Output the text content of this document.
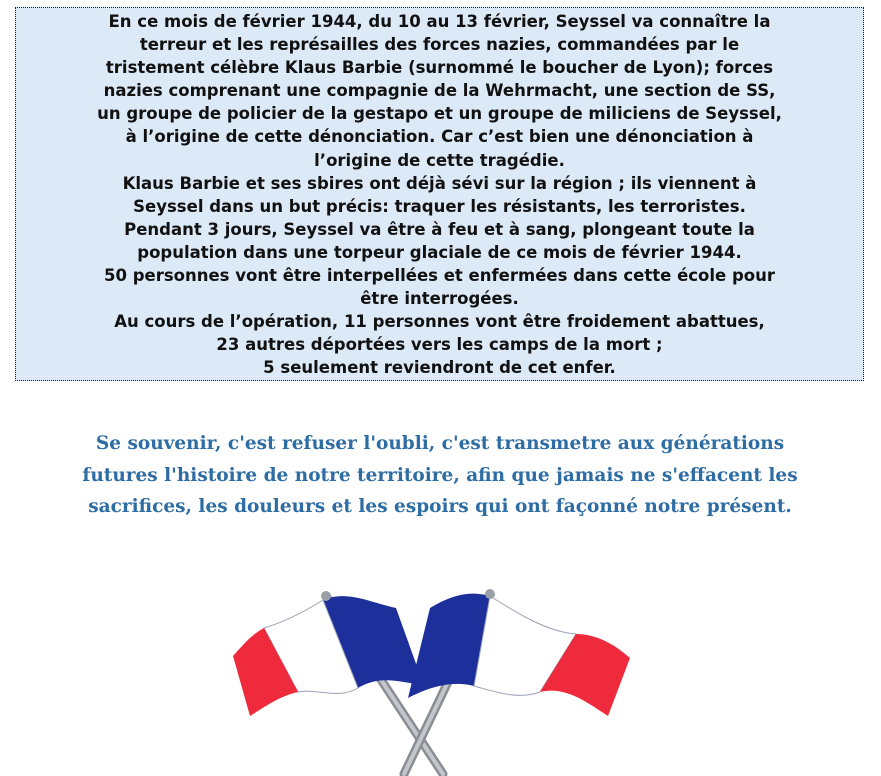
En ce mois de février 1944, du 10 au 13 février, Seyssel va connaître la
terreur et les représailles des forces nazies, commandées par le
tristement célèbre Klaus Barbie (surnommé le boucher de Lyon); forces
nazies comprenant une compagnie de la Wehrmacht, une section de SS,
un groupe de policier de la gestapo et un groupe de miliciens de Seyssel,
à l’origine de cette dénonciation. Car c’est bien une dénonciation à
l’origine de cette tragédie.
Klaus Barbie et ses sbires ont déjà sévi sur la région ; ils viennent à
Seyssel dans un but précis: traquer les résistants, les terroristes.
Pendant 3 jours, Seyssel va être à feu et à sang, plongeant toute la
population dans une torpeur glaciale de ce mois de février 1944.
50 personnes vont être interpellées et enfermées dans cette école pour
être interrogées.
Au cours de l’opération, 11 personnes vont être froidement abattues,
23 autres déportées vers les camps de la mort ;
5 seulement reviendront de cet enfer.
Se souvenir, c'est refuser l'oubli, c'est transmetre aux générations
futures l'histoire de notre territoire, afin que jamais ne s'effacent les
sacrifices, les douleurs et les espoirs qui ont façonné notre présent.
